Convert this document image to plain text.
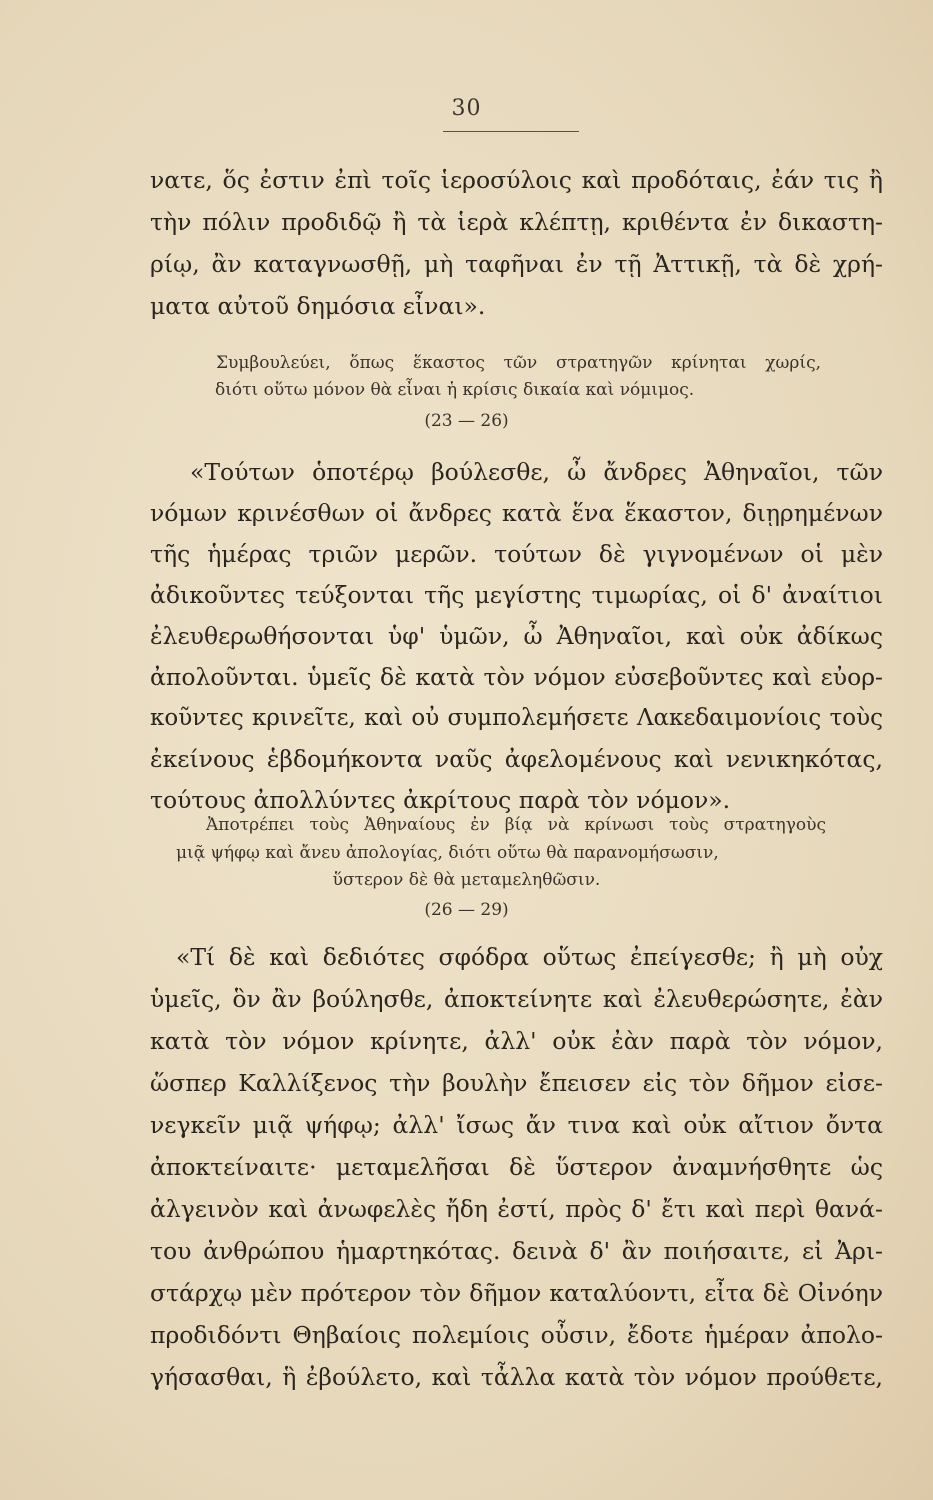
30
νατε, ὅς ἐστιν ἐπὶ τοῖς ἱεροσύλοις καὶ προδόταις, ἐάν τις ἢ
τὴν πόλιν προδιδῷ ἢ τὰ ἱερὰ κλέπτῃ, κριθέντα ἐν δικαστη-
ρίῳ, ἂν καταγνωσθῇ, μὴ ταφῆναι ἐν τῇ Ἀττικῇ, τὰ δὲ χρή-
ματα αὐτοῦ δημόσια εἶναι».
Συμβουλεύει, ὅπως ἕκαστος τῶν στρατηγῶν κρίνηται χωρίς,
διότι οὕτω μόνον θὰ εἶναι ἡ κρίσις δικαία καὶ νόμιμος.
(23 — 26)
«Τούτων ὁποτέρῳ βούλεσθε, ὦ ἄνδρες Ἀθηναῖοι, τῶν
νόμων κρινέσθων οἱ ἄνδρες κατὰ ἕνα ἕκαστον, διῃρημένων
τῆς ἡμέρας τριῶν μερῶν. τούτων δὲ γιγνομένων οἱ μὲν
ἀδικοῦντες τεύξονται τῆς μεγίστης τιμωρίας, οἱ δ' ἀναίτιοι
ἐλευθερωθήσονται ὑφ' ὑμῶν, ὦ Ἀθηναῖοι, καὶ οὐκ ἀδίκως
ἀπολοῦνται. ὑμεῖς δὲ κατὰ τὸν νόμον εὐσεβοῦντες καὶ εὐορ-
κοῦντες κρινεῖτε, καὶ οὐ συμπολεμήσετε Λακεδαιμονίοις τοὺς
ἐκείνους ἑβδομήκοντα ναῦς ἀφελομένους καὶ νενικηκότας,
τούτους ἀπολλύντες ἀκρίτους παρὰ τὸν νόμον».
Ἀποτρέπει τοὺς Ἀθηναίους ἐν βίᾳ νὰ κρίνωσι τοὺς στρατηγοὺς
μιᾷ ψήφῳ καὶ ἄνευ ἀπολογίας, διότι οὕτω θὰ παρανομήσωσιν,
ὕστερον δὲ θὰ μεταμεληθῶσιν.
(26 — 29)
«Τί δὲ καὶ δεδιότες σφόδρα οὕτως ἐπείγεσθε; ἢ μὴ οὐχ
ὑμεῖς, ὃν ἂν βούλησθε, ἀποκτείνητε καὶ ἐλευθερώσητε, ἐὰν
κατὰ τὸν νόμον κρίνητε, ἀλλ' οὐκ ἐὰν παρὰ τὸν νόμον,
ὥσπερ Καλλίξενος τὴν βουλὴν ἔπεισεν εἰς τὸν δῆμον εἰσε-
νεγκεῖν μιᾷ ψήφῳ; ἀλλ' ἴσως ἄν τινα καὶ οὐκ αἴτιον ὄντα
ἀποκτείναιτε· μεταμελῆσαι δὲ ὕστερον ἀναμνήσθητε ὡς
ἀλγεινὸν καὶ ἀνωφελὲς ἤδη ἐστί, πρὸς δ' ἔτι καὶ περὶ θανά-
του ἀνθρώπου ἡμαρτηκότας. δεινὰ δ' ἂν ποιήσαιτε, εἰ Ἀρι-
στάρχῳ μὲν πρότερον τὸν δῆμον καταλύοντι, εἶτα δὲ Οἰνόην
προδιδόντι Θηβαίοις πολεμίοις οὖσιν, ἔδοτε ἡμέραν ἀπολο-
γήσασθαι, ἣ ἐβούλετο, καὶ τἆλλα κατὰ τὸν νόμον προύθετε,
